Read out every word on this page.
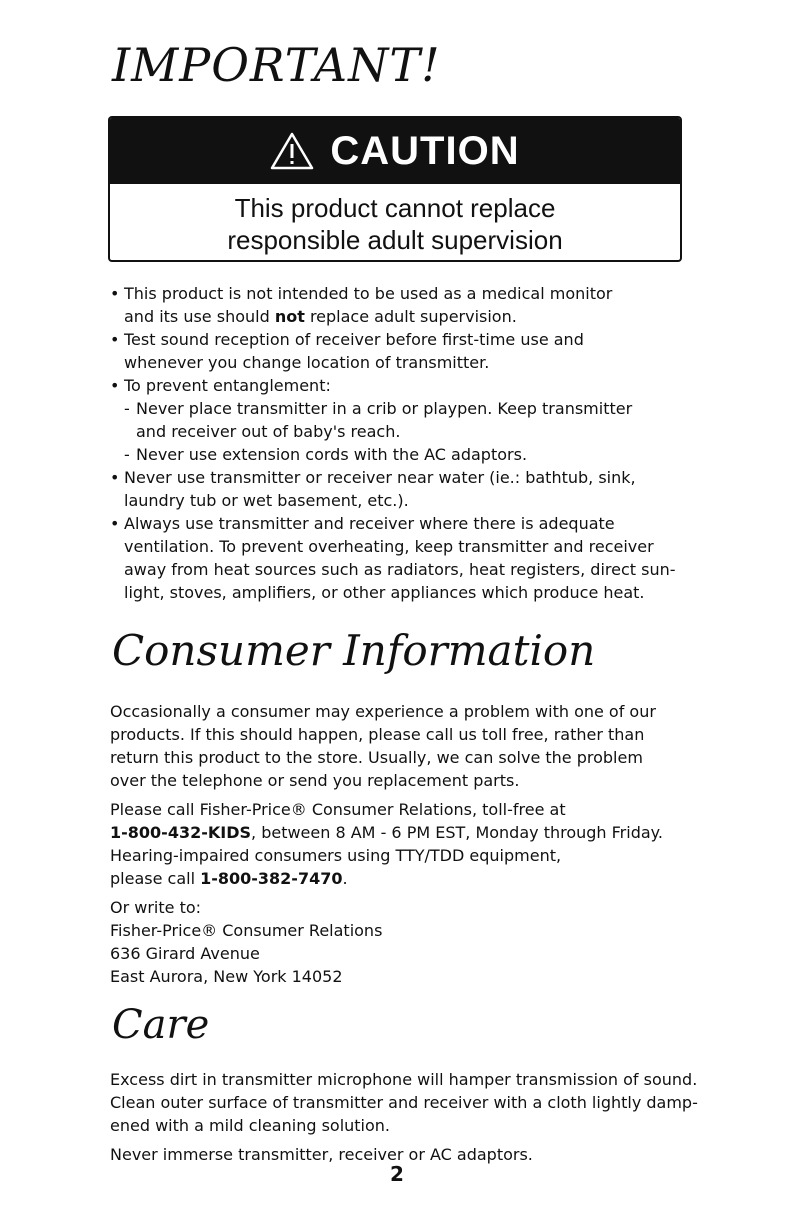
IMPORTANT!
CAUTION
This product cannot replace
responsible adult supervision
• This product is not intended to be used as a medical monitor
and its use should not replace adult supervision.
• Test sound reception of receiver before first-time use and
whenever you change location of transmitter.
• To prevent entanglement:
- Never place transmitter in a crib or playpen. Keep transmitter
and receiver out of baby's reach.
- Never use extension cords with the AC adaptors.
• Never use transmitter or receiver near water (ie.: bathtub, sink,
laundry tub or wet basement, etc.).
• Always use transmitter and receiver where there is adequate
ventilation. To prevent overheating, keep transmitter and receiver
away from heat sources such as radiators, heat registers, direct sun-
light, stoves, amplifiers, or other appliances which produce heat.
Consumer Information

Occasionally a consumer may experience a problem with one of our
products. If this should happen, please call us toll free, rather than
return this product to the store. Usually, we can solve the problem
over the telephone or send you replacement parts.

Please call Fisher-Price® Consumer Relations, toll-free at
1-800-432-KIDS, between 8 AM - 6 PM EST, Monday through Friday.
Hearing-impaired consumers using TTY/TDD equipment,
please call 1-800-382-7470.

Or write to:
Fisher-Price® Consumer Relations
636 Girard Avenue
East Aurora, New York 14052

Care

Excess dirt in transmitter microphone will hamper transmission of sound.
Clean outer surface of transmitter and receiver with a cloth lightly damp-
ened with a mild cleaning solution.

Never immerse transmitter, receiver or AC adaptors.

2
